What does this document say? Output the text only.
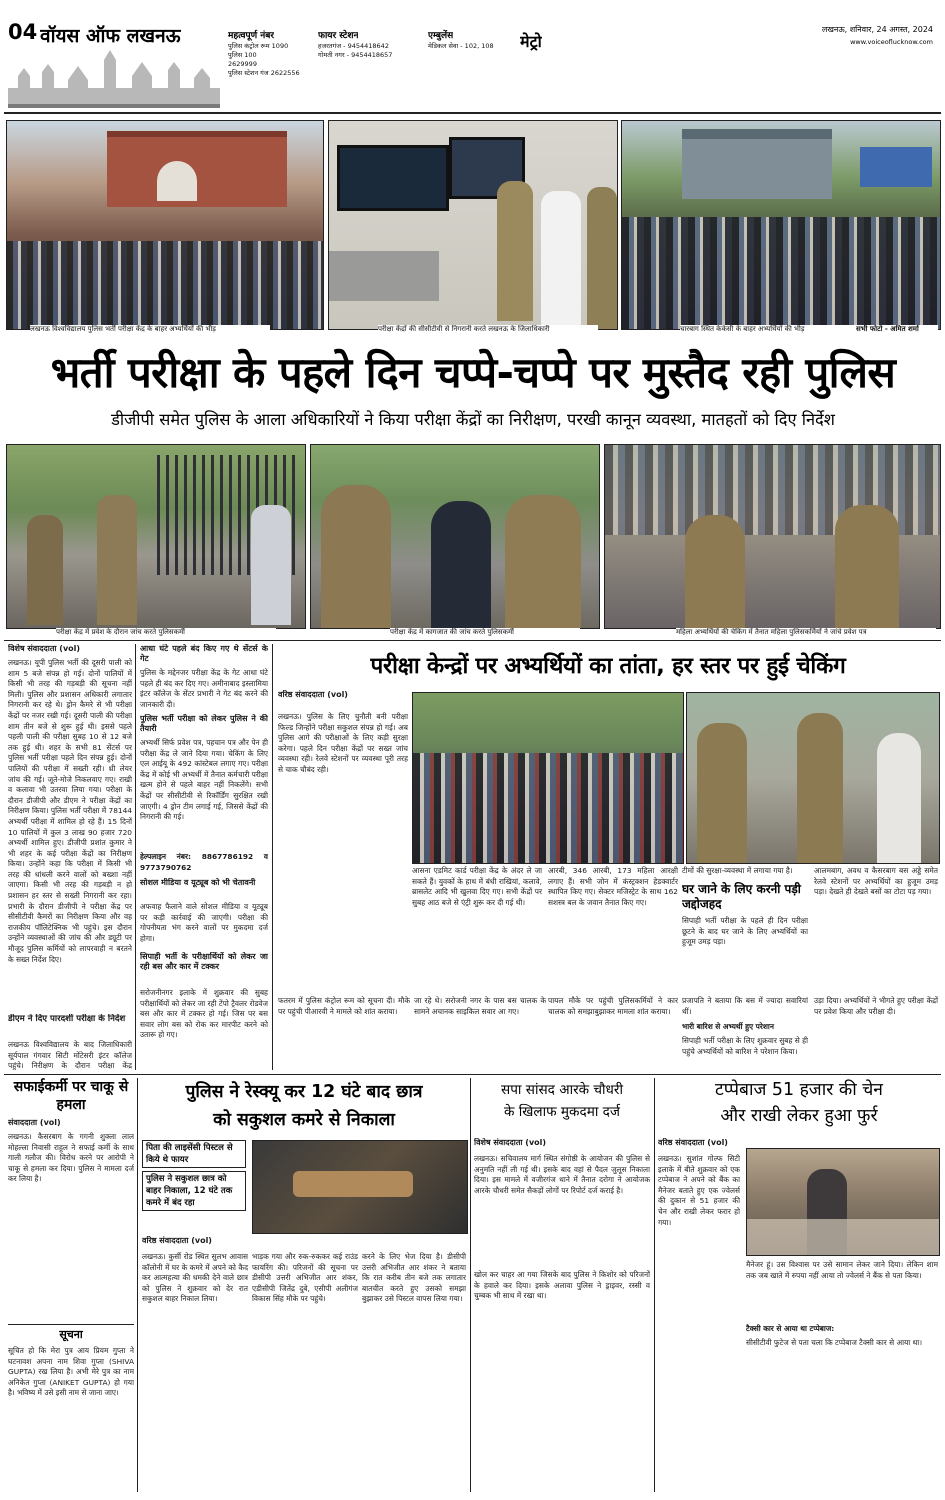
04 वॉयस ऑफ लखनऊ	महत्वपूर्ण नंबर
पुलिस कंट्रोल रूम 1090
पुलिस 100
2629999
पुलिस स्टेशन गंज 2622556
फायर स्टेशन
हजरतगंज - 9454418642
गोमती नगर - 9454418657
एम्बुलेंस
मेडिकल सेवा - 102, 108	मेट्रो
लखनऊ, शनिवार, 24 अगस्त, 2024
www.voiceoflucknow.com
लखनऊ विश्वविद्यालय पुलिस भर्ती परीक्षा केंद्र के बाहर अभ्यर्थियों की भीड़	परीक्षा केंद्रों की सीसीटीवी से निगरानी करते लखनऊ के जिलाधिकारी	चारबाग स्थित केकेसी के बाहर अभ्यर्थियों की भीड़	सभी फोटो - अमित शर्मा
भर्ती परीक्षा के पहले दिन चप्पे-चप्पे पर मुस्तैद रही पुलिस
डीजीपी समेत पुलिस के आला अधिकारियों ने किया परीक्षा केंद्रों का निरीक्षण, परखी कानून व्यवस्था, मातहतों को दिए निर्देश
परीक्षा केंद्र में प्रवेश के दौरान जांच करते पुलिसकर्मी	परीक्षा केंद्र में कागजात की जांच करते पुलिसकर्मी	महिला अभ्यर्थियों की चेकिंग में तैनात महिला पुलिसकर्मियों ने जांचे प्रवेश पत्र
विशेष संवाददाता (vol)
लखनऊ। यूपी पुलिस भर्ती की दूसरी पाली को शाम 5 बजे संपन्न हो गई। दोनों पालियों में किसी भी तरह की गड़बड़ी की सूचना नहीं मिली। पुलिस और प्रशासन अधिकारी लगातार निगरानी कर रहे थे। ड्रोन कैमरे से भी परीक्षा केंद्रों पर नजर रखी गई। दूसरी पाली की परीक्षा शाम तीन बजे से शुरू हुई थी। इससे पहले पहली पाली की परीक्षा सुबह 10 से 12 बजे तक हुई थी। शहर के सभी 81 सेंटर्स पर पुलिस भर्ती परीक्षा पहले दिन संपन्न हुई। दोनों पालियों की परीक्षा में सख्ती रही। थ्री लेयर जांच की गई। जूते-मोजे निकलवाए गए। राखी व कलावा भी उतरवा लिया गया। परीक्षा के दौरान डीजीपी और डीएम ने परीक्षा केंद्रों का निरीक्षण किया। पुलिस भर्ती परीक्षा में 78144 अभ्यर्थी परीक्षा में शामिल हो रहे हैं। 15 दिनों 10 पालियों में कुल 3 लाख 90 हजार 720 अभ्यर्थी शामिल हुए। डीजीपी प्रशांत कुमार ने भी शहर के कई परीक्षा केंद्रों का निरीक्षण किया। उन्होंने कहा कि परीक्षा में किसी भी तरह की धांधली करने वालों को बख्शा नहीं जाएगा। किसी भी तरह की गड़बड़ी न हो प्रशासन हर स्तर से सख्ती निगरानी कर रहा। प्रभारी के दौरान डीजीपी ने परीक्षा केंद्र पर सीसीटीवी कैमरों का निरीक्षण किया और वह राजकीय पॉलिटेक्निक भी पहुंचे। इस दौरान उन्होंने व्यवस्थाओं की जांच की और ड्यूटी पर मौजूद पुलिस कर्मियों को लापरवाही न बरतने के सख्त निर्देश दिए।
डीएम ने दिए पारदर्शी परीक्षा के निर्देश
लखनऊ विश्वविद्यालय के बाद जिलाधिकारी सूर्यपाल गंगवार सिटी मोंटेसरी इंटर कॉलेज पहुंचे। निरीक्षण के दौरान परीक्षा केंद्र
आधा घंटे पहले बंद किए गए थे सेंटर्स के गेट
पुलिस के मद्देनजर परीक्षा केंद्र के गेट आधा घंटे पहले ही बंद कर दिए गए। अमीनाबाद इस्लामिया इंटर कॉलेज के सेंटर प्रभारी ने गेट बंद करने की जानकारी दी।
पुलिस भर्ती परीक्षा को लेकर पुलिस ने की तैयारी
अभ्यर्थी सिर्फ प्रवेश पत्र, पहचान पत्र और पेन ही परीक्षा केंद्र ले जाने दिया गया। चेकिंग के लिए एल आईयू के 492 कांस्टेबल लगाए गए। परीक्षा केंद्र में कोई भी अभ्यर्थी में तैनात कर्मचारी परीक्षा खत्म होने से पहले बाहर नहीं निकलेंगे। सभी केंद्रों पर सीसीटीवी से रिकॉर्डिंग सुरक्षित रखी जाएगी। 4 ड्रोन टीम लगाई गई, जिससे केंद्रों की निगरानी की गई।
हेल्पलाइन नंबर: 8867786192 व 9773790762
सोशल मीडिया व यूट्यूब को भी चेतावनी
अफवाह फैलाने वाले सोशल मीडिया व यूट्यूब पर कड़ी कार्रवाई की जाएगी। परीक्षा की गोपनीयता भंग करने वालों पर मुकदमा दर्ज होगा।
सिपाही भर्ती के परीक्षार्थियों को लेकर जा रही बस और कार में टक्कर
सरोजनीनगर इलाके में शुक्रवार की सुबह परीक्षार्थियों को लेकर जा रही टेंपो ट्रैवलर रोडवेज बस और कार में टक्कर हो गई। जिस पर बस सवार लोग बस को रोक कर मारपीट करने को उतारू हो गए।
परीक्षा केन्द्रों पर अभ्यर्थियों का तांता, हर स्तर पर हुई चेकिंग
वरिष्ठ संवाददाता (vol)
लखनऊ। पुलिस के लिए चुनौती बनी परीक्षा फिल्ड जिन्होंने परीक्षा सकुशल संपन्न हो गई। अब पुलिस आगे की परीक्षाओं के लिए कड़ी सुरक्षा करेगा। पहले दिन परीक्षा केंद्रों पर सख्त जांच व्यवस्था रही। रेलवे स्टेशनों पर व्यवस्था पूरी तरह से चाक चौबंद रही।
आसना एडमिट कार्ड परीक्षा केंद्र के अंदर ले जा सकते हैं। युवकों के हाथ में बंधी राखियां, कलावे, ब्रासलेट आदि भी खुलवा दिए गए। सभी केंद्रों पर सुबह आठ बजे से एंट्री शुरू कर दी गई थी।
आरबी, 346 आरबी, 173 महिला आरक्षी लगाए हैं। सभी जोन में कंस्ट्रक्शन हेडक्वार्टर स्थापित किए गए। सेक्टर मजिस्ट्रेट के साथ 162 सशस्त्र बल के जवान तैनात किए गए।
टीमों की सुरक्षा-व्यवस्था में लगाया गया है।
घर जाने के लिए करनी पड़ी जद्दोजहद
सिपाही भर्ती परीक्षा के पहले ही दिन परीक्षा छूटने के बाद घर जाने के लिए अभ्यर्थियों का हुजूम उमड़ पड़ा।
आलमबाग, अवध व कैसरबाग बस अड्डे समेत रेलवे स्टेशनों पर अभ्यर्थियों का हुजूम उमड़ पड़ा। देखते ही देखते बसों का टोटा पड़ गया।
फतरम में पुलिस कंट्रोल रूम को सूचना दी। मौके पर पहुंची पीआरवी ने मामले को शांत कराया।
जा रहे थे। सरोजनी नगर के पास बस चालक के सामने अचानक साइकिल सवार आ गए।
पायल मौके पर पहुंची पुलिसकर्मियों ने कार चालक को समझाबुझाकर मामला शांत कराया।
प्रजापति ने बताया कि बस में ज्यादा सवारियां थीं।
भारी बारिश से अभ्यर्थी हुए परेशान
सिपाही भर्ती परीक्षा के लिए शुक्रवार सुबह से ही पहुंचे अभ्यर्थियों को बारिश ने परेशान किया।
उड़ा दिया। अभ्यर्थियों ने भीगते हुए परीक्षा केंद्रों पर प्रवेश किया और परीक्षा दी।
सफाईकर्मी पर चाकू से हमला
संवाददाता (vol)
लखनऊ। कैसरबाग के गगनी शुक्ला लाल मोहल्ला निवासी राहुल ने सफाई कर्मी के साथ गाली गलौज की। विरोध करने पर आरोपी ने चाकू से हमला कर दिया। पुलिस ने मामला दर्ज कर लिया है।
सूचना
सूचित हो कि मेरा पुत्र आय प्रियम गुप्ता ने घटनावश अपना नाम शिवा गुप्ता (SHIVA GUPTA) रख लिया है। अभी मेरे पुत्र का नाम अनिकेत गुप्ता (ANIKET GUPTA) हो गया है। भविष्य में उसे इसी नाम से जाना जाए।
पुलिस ने रेस्क्यू कर 12 घंटे बाद छात्र
को सकुशल कमरे से निकाला
पिता की लाइसेंसी पिस्टल से किये थे फायर
पुलिस ने सकुशल छात्र को बाहर निकाला, 12 घंटे तक कमरे में बंद रहा
वरिष्ठ संवाददाता (vol)
लखनऊ। कुर्सी रोड स्थित सुलभ आवास कॉलोनी में घर के कमरे में अपने को कैद कर आत्महत्या की धमकी देने वाले छात्र को पुलिस ने शुक्रवार को देर रात सकुशल बाहर निकाल लिया।
भाड़क गया और रुक-रुककर कई राउंड फायरिंग की। परिजनों की सूचना पर डीसीपी उत्तरी अभिजीत आर शंकर, एडीसीपी जितेंद्र दुबे, एसीपी अलीगंज विकास सिंह मौके पर पहुंचे।
करने के लिए भेज दिया है। डीसीपी उत्तरी अभिजीत आर शंकर ने बताया कि रात करीब तीन बजे तक लगातार बातचीत करते हुए उसको समझा बुझाकर उसे पिस्टल वापस लिया गया।
सपा सांसद आरके चौधरी
के खिलाफ मुकदमा दर्ज
विशेष संवाददाता (vol)
लखनऊ। सचिवालय मार्ग स्थित संगोष्ठी के आयोजन की पुलिस से अनुमति नहीं ली गई थी। इसके बाद वहां से पैदल जुलूस निकाला दिया। इस मामले में वजीरगंज थाने में तैनात दरोगा ने आयोजक आरके चौधरी समेत सैकड़ों लोगों पर रिपोर्ट दर्ज कराई है।
खोल कर चाहर आ गया जिसके बाद पुलिस ने किशोर को परिजनों के हवाले कर दिया। इसके अलावा पुलिस ने ड्राइवर, रस्सी व चुम्बक भी साथ में रखा था।
टप्पेबाज 51 हजार की चेन
और राखी लेकर हुआ फुर्र
वरिष्ठ संवाददाता (vol)
लखनऊ। सुशांत गोल्फ सिटी इलाके में बीते शुक्रवार को एक टप्पेबाज ने अपने को बैंक का मैनेजर बताते हुए एक ज्वेलर्स की दुकान से 51 हजार की चेन और राखी लेकर फरार हो गया।
मैनेजर हूं। उस विश्वास पर उसे सामान लेकर जाने दिया। लेकिन शाम तक जब खाते में रुपया नहीं आया तो ज्वेलर्स ने बैंक से पता किया।
टैक्सी कार से आया था टप्पेबाज:
सीसीटीवी फुटेज से पता चला कि टप्पेबाज टैक्सी कार से आया था।
